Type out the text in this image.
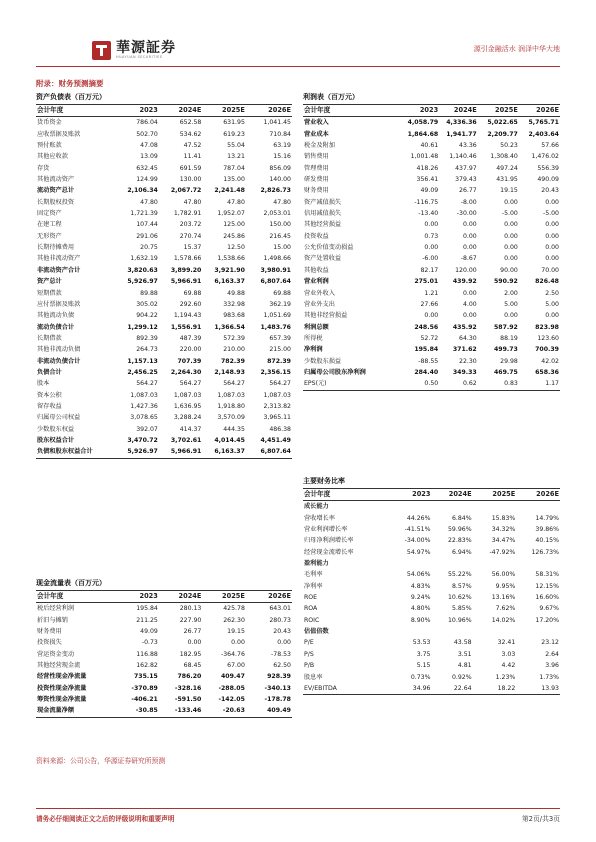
華源証券
HUAYUAN SECURITIES
源引金融活水 润泽中华大地
附录：财务预测摘要
资产负债表（百万元）
会计年度	2023	2024E	2025E	2026E
货币资金	786.04	652.58	631.95	1,041.45
应收票据及账款	502.70	534.62	619.23	710.84
预付账款	47.08	47.52	55.04	63.19
其他应收款	13.09	11.41	13.21	15.16
存货	632.45	691.59	787.04	856.09
其他流动资产	124.99	130.00	135.00	140.00
流动资产总计	2,106.34	2,067.72	2,241.48	2,826.73
长期股权投资	47.80	47.80	47.80	47.80
固定资产	1,721.39	1,782.91	1,952.07	2,053.01
在建工程	107.44	203.72	125.00	150.00
无形资产	291.06	270.74	245.86	216.45
长期待摊费用	20.75	15.37	12.50	15.00
其他非流动资产	1,632.19	1,578.66	1,538.66	1,498.66
非流动资产合计	3,820.63	3,899.20	3,921.90	3,980.91
资产总计	5,926.97	5,966.91	6,163.37	6,807.64
短期借款	89.88	69.88	49.88	69.88
应付票据及账款	305.02	292.60	332.98	362.19
其他流动负债	904.22	1,194.43	983.68	1,051.69
流动负债合计	1,299.12	1,556.91	1,366.54	1,483.76
长期借款	892.39	487.39	572.39	657.39
其他非流动负债	264.73	220.00	210.00	215.00
非流动负债合计	1,157.13	707.39	782.39	872.39
负债合计	2,456.25	2,264.30	2,148.93	2,356.15
股本	564.27	564.27	564.27	564.27
资本公积	1,087.03	1,087.03	1,087.03	1,087.03
留存收益	1,427.36	1,636.95	1,918.80	2,313.82
归属母公司权益	3,078.65	3,288.24	3,570.09	3,965.11
少数股东权益	392.07	414.37	444.35	486.38
股东权益合计	3,470.72	3,702.61	4,014.45	4,451.49
负债和股东权益合计	5,926.97	5,966.91	6,163.37	6,807.64
利润表（百万元）
会计年度	2023	2024E	2025E	2026E
营业收入	4,058.79	4,336.36	5,022.65	5,765.71
营业成本	1,864.68	1,941.77	2,209.77	2,403.64
税金及附加	40.61	43.36	50.23	57.66
销售费用	1,001.48	1,140.46	1,308.40	1,476.02
管理费用	418.26	437.97	497.24	556.39
研发费用	356.41	379.43	431.95	490.09
财务费用	49.09	26.77	19.15	20.43
资产减值损失	-116.75	-8.00	0.00	0.00
信用减值损失	-13.40	-30.00	-5.00	-5.00
其他经营损益	0.00	0.00	0.00	0.00
投资收益	0.73	0.00	0.00	0.00
公允价值变动损益	0.00	0.00	0.00	0.00
资产处置收益	-6.00	-8.67	0.00	0.00
其他收益	82.17	120.00	90.00	70.00
营业利润	275.01	439.92	590.92	826.48
营业外收入	1.21	0.00	2.00	2.50
营业外支出	27.66	4.00	5.00	5.00
其他非经营损益	0.00	0.00	0.00	0.00
利润总额	248.56	435.92	587.92	823.98
所得税	52.72	64.30	88.19	123.60
净利润	195.84	371.62	499.73	700.39
少数股东损益	-88.55	22.30	29.98	42.02
归属母公司股东净利润	284.40	349.33	469.75	658.36
EPS(元)	0.50	0.62	0.83	1.17
主要财务比率
会计年度	2023	2024E	2025E	2026E
成长能力				
营收增长率	44.26%	6.84%	15.83%	14.79%
营业利润增长率	-41.51%	59.96%	34.32%	39.86%
归母净利润增长率	-34.00%	22.83%	34.47%	40.15%
经营现金流增长率	54.97%	6.94%	-47.92%	126.73%
盈利能力				
毛利率	54.06%	55.22%	56.00%	58.31%
净利率	4.83%	8.57%	9.95%	12.15%
ROE	9.24%	10.62%	13.16%	16.60%
ROA	4.80%	5.85%	7.62%	9.67%
ROIC	8.90%	10.96%	14.02%	17.20%
估值倍数				
P/E	53.53	43.58	32.41	23.12
P/S	3.75	3.51	3.03	2.64
P/B	5.15	4.81	4.42	3.96
股息率	0.73%	0.92%	1.23%	1.73%
EV/EBITDA	34.96	22.64	18.22	13.93
现金流量表（百万元）
会计年度	2023	2024E	2025E	2026E
税后经营利润	195.84	280.13	425.78	643.01
折旧与摊销	211.25	227.90	262.30	280.73
财务费用	49.09	26.77	19.15	20.43
投资损失	-0.73	0.00	0.00	0.00
营运资金变动	116.88	182.95	-364.76	-78.53
其他经营现金流	162.82	68.45	67.00	62.50
经营性现金净流量	735.15	786.20	409.47	928.39
投资性现金净流量	-370.89	-328.16	-288.05	-340.13
筹资性现金净流量	-406.21	-591.50	-142.05	-178.78
现金流量净额	-30.85	-133.46	-20.63	409.49
资料来源：公司公告，华源证券研究所预测
请务必仔细阅读正文之后的评级说明和重要声明	第2页/共3页
